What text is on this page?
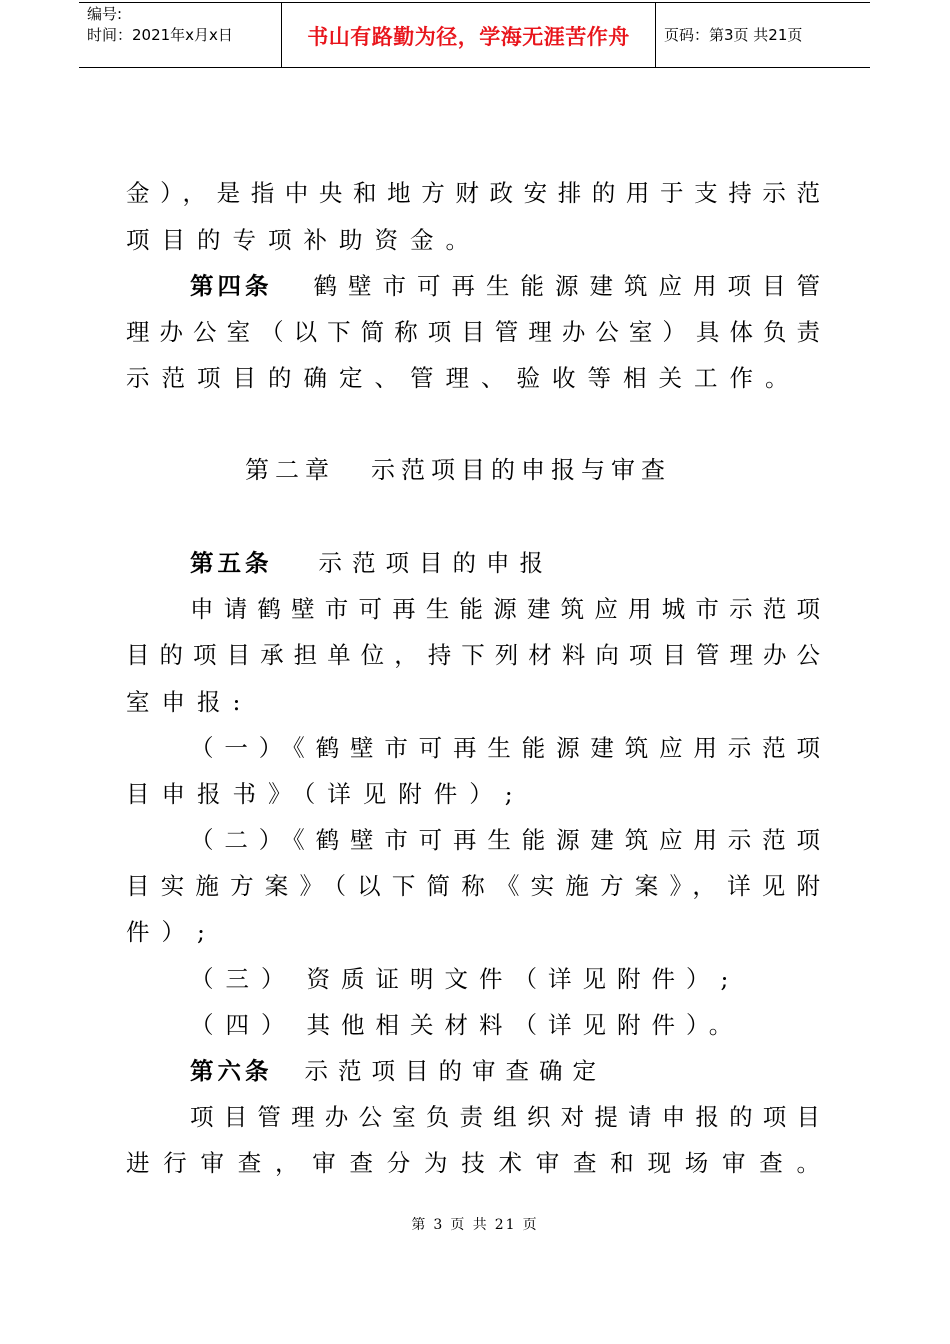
编号:
时间：2021年x月x日	书山有路勤为径，学海无涯苦作舟	页码：第3页 共21页
金），是指中央和地方财政安排的用于支持示范
项目的专项补助资金。
第四条 鹤壁市可再生能源建筑应用项目管
理办公室（以下简称项目管理办公室）具体负责
示范项目的确定、管理、验收等相关工作。
第二章 示范项目的申报与审查
第五条 示范项目的申报
申请鹤壁市可再生能源建筑应用城市示范项
目的项目承担单位，持下列材料向项目管理办公
室申报:
（一）《鹤壁市可再生能源建筑应用示范项
目申报书》（详见附件）;
（二）《鹤壁市可再生能源建筑应用示范项
目实施方案》（以下简称《实施方案》，详见附
件）;
（三） 资质证明文件（详见附件）;
（四） 其他相关材料（详见附件）。
第六条 示范项目的审查确定
项目管理办公室负责组织对提请申报的项目
进行审查，审查分为技术审查和现场审查。
第 3 页 共 21 页
